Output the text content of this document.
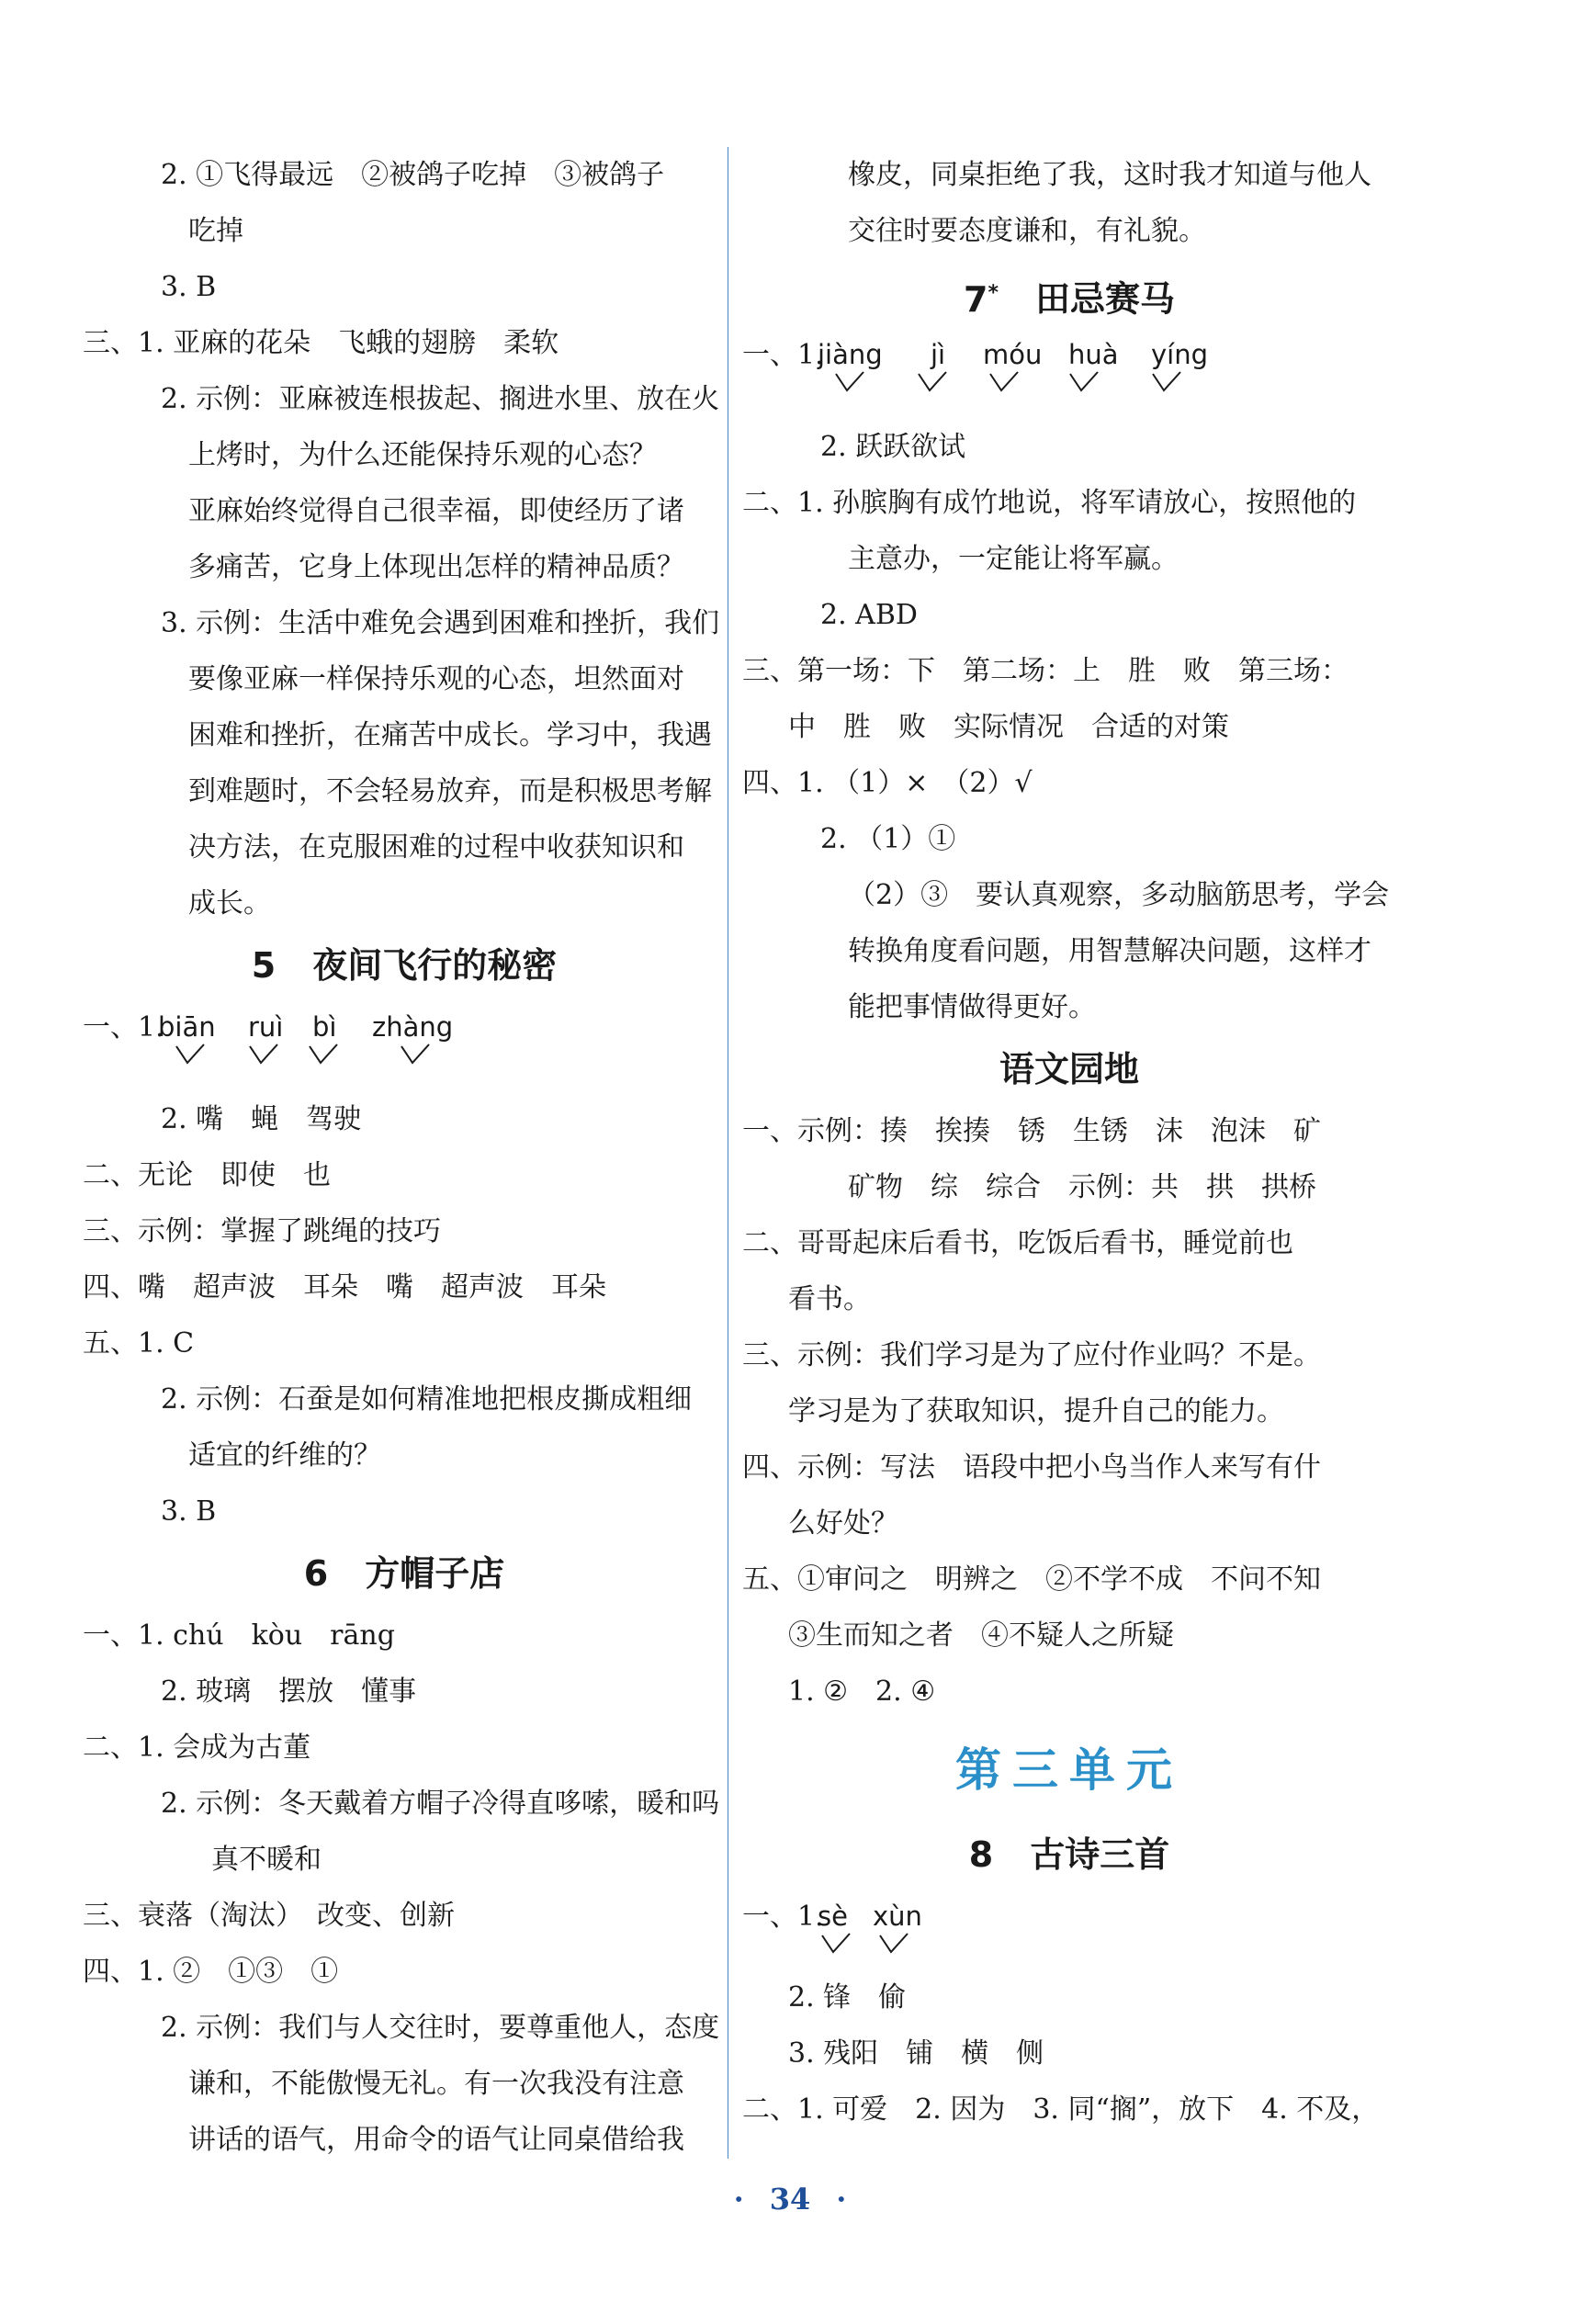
2. ①飞得最远　②被鸽子吃掉　③被鸽子
吃掉
3. B
三、1. 亚麻的花朵　飞蛾的翅膀　柔软
2. 示例：亚麻被连根拔起、搁进水里、放在火
上烤时，为什么还能保持乐观的心态？
亚麻始终觉得自己很幸福，即使经历了诸
多痛苦，它身上体现出怎样的精神品质？
3. 示例：生活中难免会遇到困难和挫折，我们
要像亚麻一样保持乐观的心态，坦然面对
困难和挫折，在痛苦中成长。学习中，我遇
到难题时，不会轻易放弃，而是积极思考解
决方法，在克服困难的过程中收获知识和
成长。
5 夜间飞行的秘密
一、1.
biān ruì bì zhàng
2. 嘴　蝇　驾驶
二、无论　即使　也
三、示例：掌握了跳绳的技巧
四、嘴　超声波　耳朵　嘴　超声波　耳朵
五、1. C
2. 示例：石蚕是如何精准地把根皮撕成粗细
适宜的纤维的？
3. B
6 方帽子店
一、1. chú　kòu　rāng
2. 玻璃　摆放　懂事
二、1. 会成为古董
2. 示例：冬天戴着方帽子冷得直哆嗦，暖和吗
真不暖和
三、衰落（淘汰）　改变、创新
四、1. ②　①③　①
2. 示例：我们与人交往时，要尊重他人，态度
谦和，不能傲慢无礼。有一次我没有注意
讲话的语气，用命令的语气让同桌借给我
橡皮，同桌拒绝了我，这时我才知道与他人
交往时要态度谦和，有礼貌。
7* 田忌赛马
一、1.
jiàng jì móu huà yíng
2. 跃跃欲试
二、1. 孙膑胸有成竹地说，将军请放心，按照他的
主意办，一定能让将军赢。
2. ABD
三、第一场：下　第二场：上　胜　败　第三场：
中　胜　败　实际情况　合适的对策
四、1. （1）×　（2）√
2. （1）①
（2）③　要认真观察，多动脑筋思考，学会
转换角度看问题，用智慧解决问题，这样才
能把事情做得更好。
语文园地
一、示例：揍　挨揍　锈　生锈　沫　泡沫　矿
矿物　综　综合　示例：共　拱　拱桥
二、哥哥起床后看书，吃饭后看书，睡觉前也
看书。
三、示例：我们学习是为了应付作业吗？不是。
学习是为了获取知识，提升自己的能力。
四、示例：写法　语段中把小鸟当作人来写有什
么好处？
五、①审问之　明辨之　②不学不成　不问不知
③生而知之者　④不疑人之所疑
1. ②　2. ④
第三单元
8 古诗三首
一、1.
sè xùn
2. 锋　偷
3. 残阳　铺　横　侧
二、1. 可爱　2. 因为　3. 同“搁”，放下　4. 不及，
· 34 ·
